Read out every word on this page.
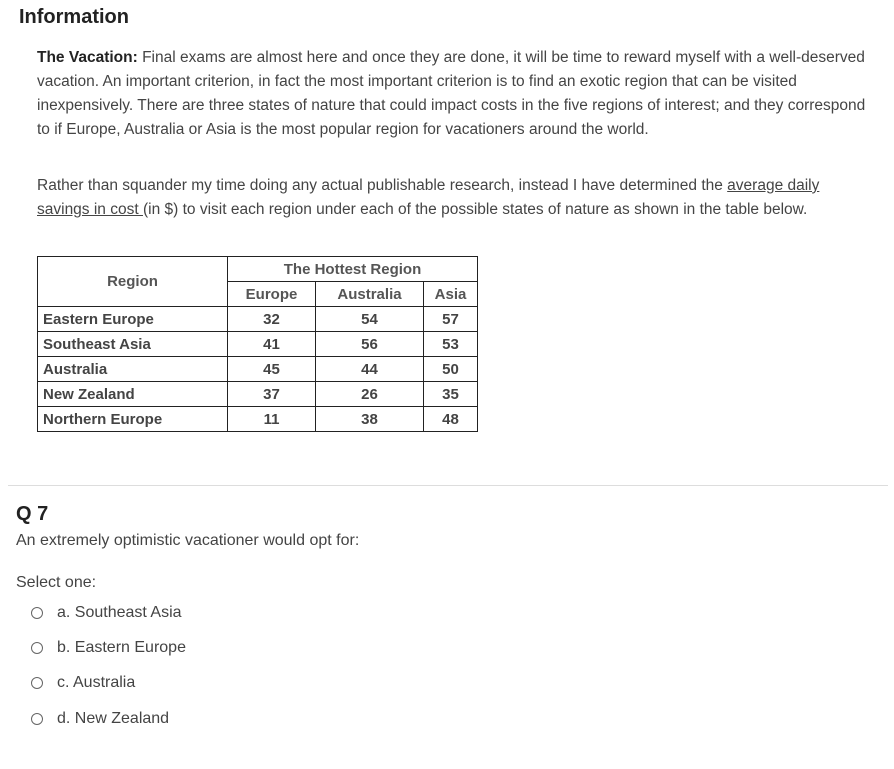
Information
The Vacation: Final exams are almost here and once they are done, it will be time to reward myself with a well-deserved vacation. An important criterion, in fact the most important criterion is to find an exotic region that can be visited inexpensively. There are three states of nature that could impact costs in the five regions of interest; and they correspond to if Europe, Australia or Asia is the most popular region for vacationers around the world.
Rather than squander my time doing any actual publishable research, instead I have determined the average daily savings in cost (in $) to visit each region under each of the possible states of nature as shown in the table below.
Region	The Hottest Region		
	Europe	Australia	Asia
Eastern Europe	32	54	57
Southeast Asia	41	56	53
Australia	45	44	50
New Zealand	37	26	35
Northern Europe	11	38	48
Q 7
An extremely optimistic vacationer would opt for:
Select one:
a. Southeast Asia
b. Eastern Europe
c. Australia
d. New Zealand
